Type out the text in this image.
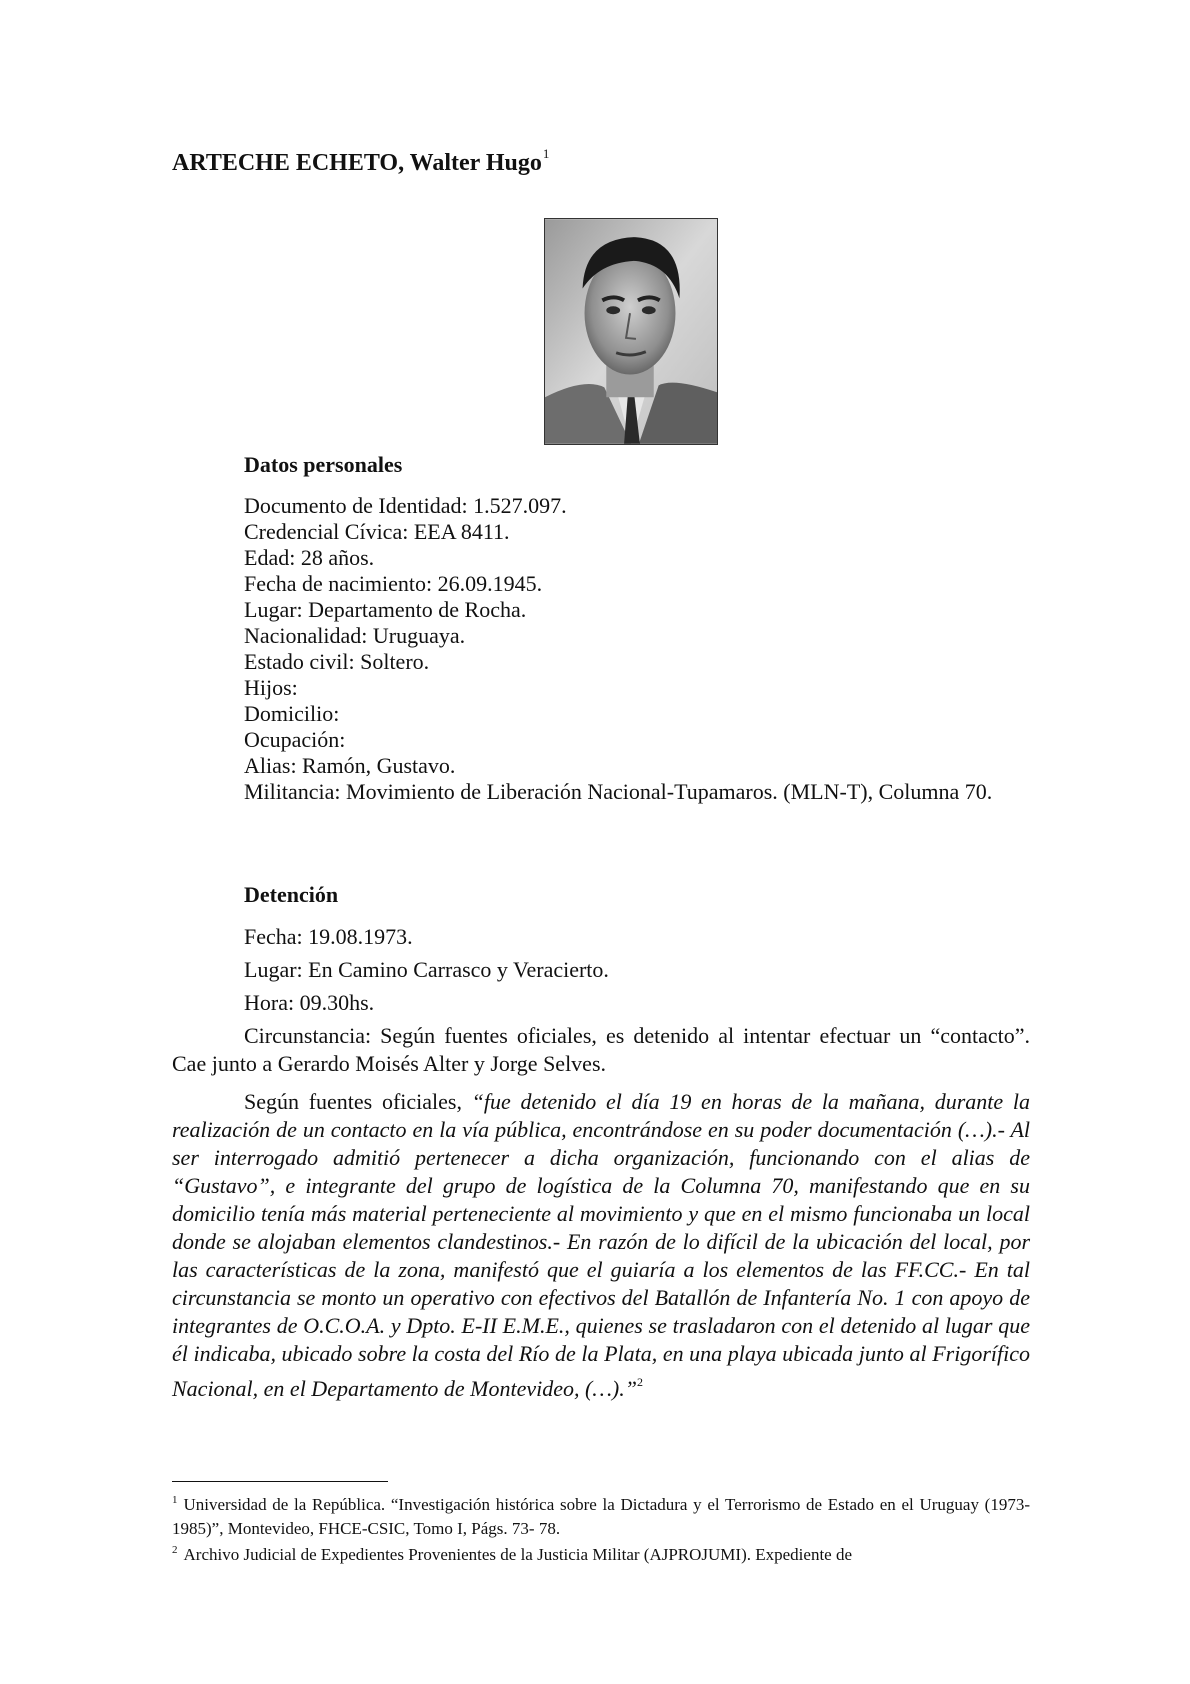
ARTECHE ECHETO, Walter Hugo$^1$
Datos personales
Documento de Identidad: 1.527.097.
Credencial Cívica: EEA 8411.
Edad: 28 años.
Fecha de nacimiento: 26.09.1945.
Lugar: Departamento de Rocha.
Nacionalidad: Uruguaya.
Estado civil: Soltero.
Hijos:
Domicilio:
Ocupación:
Alias: Ramón, Gustavo.

Militancia: Movimiento de Liberación Nacional-Tupamaros. (MLN-T), Columna 70.

Detención
Fecha: 19.08.1973.
Lugar: En Camino Carrasco y Veracierto.
Hora: 09.30hs.

Circunstancia: Según fuentes oficiales, es detenido al intentar efectuar un “contacto”. Cae junto a Gerardo Moisés Alter y Jorge Selves.

Según fuentes oficiales, “fue detenido el día 19 en horas de la mañana, durante la realización de un contacto en la vía pública, encontrándose en su poder documentación (…).- Al ser interrogado admitió pertenecer a dicha organización, funcionando con el alias de “Gustavo”, e integrante del grupo de logística de la Columna 70, manifestando que en su domicilio tenía más material perteneciente al movimiento y que en el mismo funcionaba un local donde se alojaban elementos clandestinos.- En razón de lo difícil de la ubicación del local, por las características de la zona, manifestó que el guiaría a los elementos de las FF.CC.- En tal circunstancia se monto un operativo con efectivos del Batallón de Infantería No. 1 con apoyo de integrantes de O.C.O.A. y Dpto. E-II E.M.E., quienes se trasladaron con el detenido al lugar que él indicaba, ubicado sobre la costa del Río de la Plata, en una playa ubicada junto al Frigorífico Nacional, en el Departamento de Montevideo, (…).”$^2$

$^1$ Universidad de la República. “Investigación histórica sobre la Dictadura y el Terrorismo de Estado en el Uruguay (1973-1985)”, Montevideo, FHCE-CSIC, Tomo I, Págs. 73- 78.

$^2$ Archivo Judicial de Expedientes Provenientes de la Justicia Militar (AJPROJUMI). Expediente de
